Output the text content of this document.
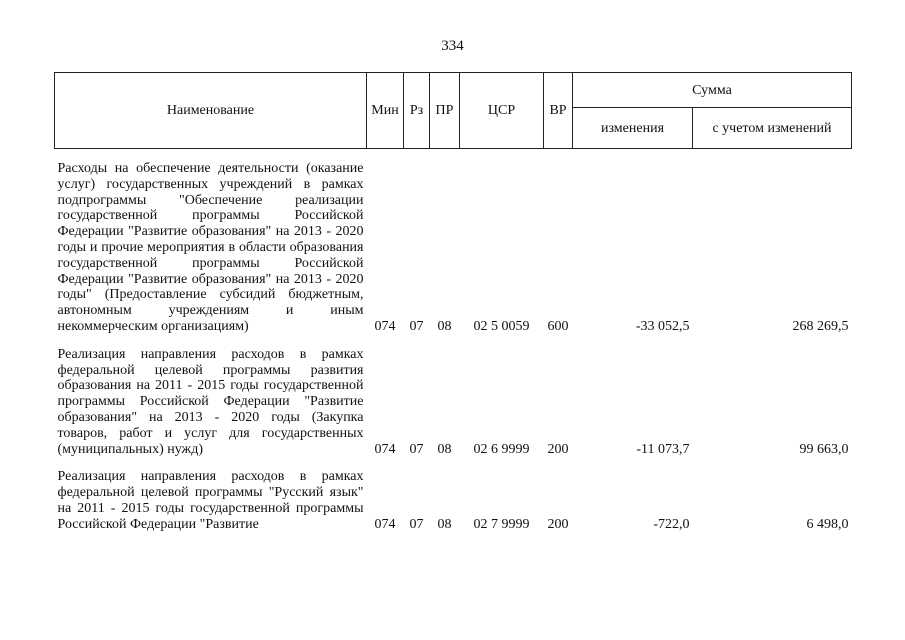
334
Наименование	Мин	Рз	ПР	ЦСР	ВР	Сумма	
						изменения	с учетом изменений

Расходы на обеспечение деятельности (оказание услуг) государственных учреждений в рамках подпрограммы "Обеспечение реализации государственной программы Российской Федерации "Развитие образования" на 2013 - 2020 годы и прочие мероприятия в области образования государственной программы Российской Федерации "Развитие образования" на 2013 - 2020 годы" (Предоставление субсидий бюджетным, автономным учреждениям и иным некоммерческим организациям)	074	07	08	02 5 0059	600	-33 052,5	268 269,5

Реализация направления расходов в рамках федеральной целевой программы развития образования на 2011 - 2015 годы государственной программы Российской Федерации "Развитие образования" на 2013 - 2020 годы (Закупка товаров, работ и услуг для государственных (муниципальных) нужд)	074	07	08	02 6 9999	200	-11 073,7	99 663,0

Реализация направления расходов в рамках федеральной целевой программы "Русский язык" на 2011 - 2015 годы государственной программы Российской Федерации "Развитие	074	07	08	02 7 9999	200	-722,0	6 498,0
